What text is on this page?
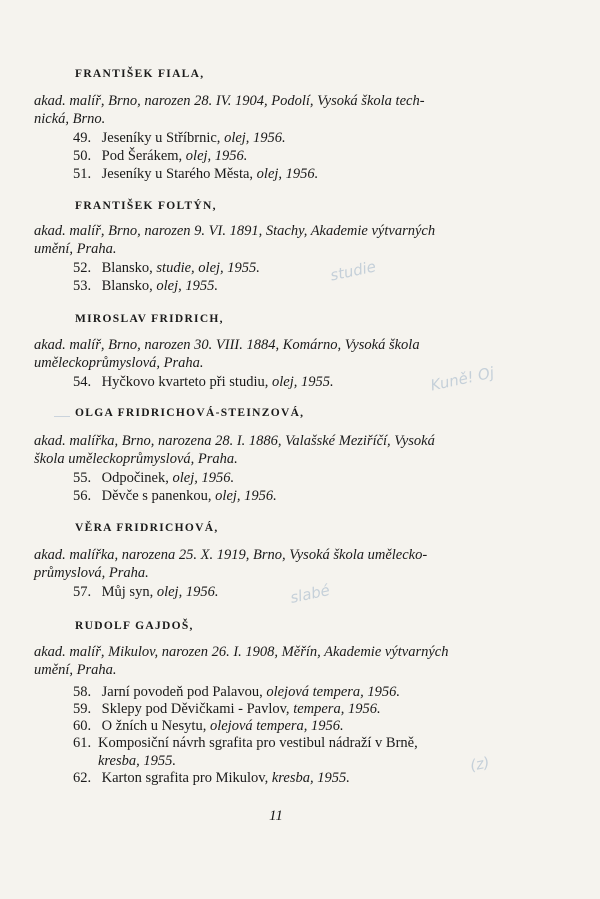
FRANTIŠEK FIALA,
akad. malíř, Brno, narozen 28. IV. 1904, Podolí, Vysoká škola tech-
nická, Brno.
49. Jeseníky u Stříbrnic, olej, 1956.
50. Pod Šerákem, olej, 1956.
51. Jeseníky u Starého Města, olej, 1956.
FRANTIŠEK FOLTÝN,
akad. malíř, Brno, narozen 9. VI. 1891, Stachy, Akademie výtvarných
umění, Praha.
52. Blansko, studie, olej, 1955.
53. Blansko, olej, 1955.
MIROSLAV FRIDRICH,
akad. malíř, Brno, narozen 30. VIII. 1884, Komárno, Vysoká škola
uměleckoprůmyslová, Praha.
54. Hyčkovo kvarteto při studiu, olej, 1955.
OLGA FRIDRICHOVÁ-STEINZOVÁ,
akad. malířka, Brno, narozena 28. I. 1886, Valašské Meziříčí, Vysoká
škola uměleckoprůmyslová, Praha.
55. Odpočinek, olej, 1956.
56. Děvče s panenkou, olej, 1956.
VĚRA FRIDRICHOVÁ,
akad. malířka, narozena 25. X. 1919, Brno, Vysoká škola umělecko-
průmyslová, Praha.
57. Můj syn, olej, 1956.
RUDOLF GAJDOŠ,
akad. malíř, Mikulov, narozen 26. I. 1908, Měřín, Akademie výtvarných
umění, Praha.
58. Jarní povodeň pod Palavou, olejová tempera, 1956.
59. Sklepy pod Děvičkami - Pavlov, tempera, 1956.
60. O žních u Nesytu, olejová tempera, 1956.
61. Komposiční návrh sgrafita pro vestibul nádraží v Brně,
kresba, 1955.
62. Karton sgrafita pro Mikulov, kresba, 1955.
studie
Kuně! Oj
slabé
(z)
11
